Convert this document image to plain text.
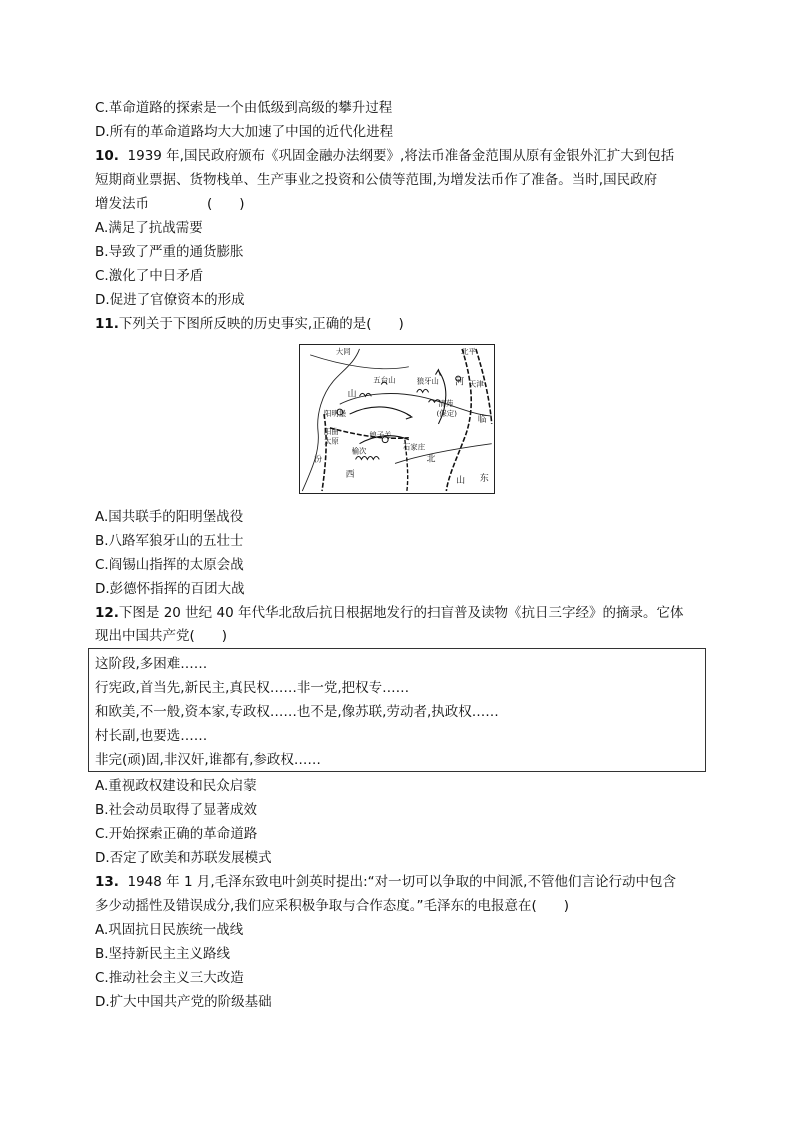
C.革命道路的探索是一个由低级到高级的攀升过程
D.所有的革命道路均大大加速了中国的近代化进程
10. 1939 年,国民政府颁布《巩固金融办法纲要》,将法币准备金范围从原有金银外汇扩大到包括
短期商业票据、货物栈单、生产事业之投资和公债等范围,为增发法币作了准备。当时,国民政府
增发法币	(　　)
A.满足了抗战需要
B.导致了严重的通货膨胀
C.激化了中日矛盾
D.促进了官僚资本的形成
11.下列关于下图所反映的历史事实,正确的是(　　)
大同	北平
五台山	狼牙山 河 天津
山
阳明堡
清苑
(保定)
临
阳曲
太原
娘子关
石家庄
北
榆次
西
山 东
汾
A.国共联手的阳明堡战役
B.八路军狼牙山的五壮士
C.阎锡山指挥的太原会战
D.彭德怀指挥的百团大战
12.下图是 20 世纪 40 年代华北敌后抗日根据地发行的扫盲普及读物《抗日三字经》的摘录。它体
现出中国共产党(　　)
这阶段,多困难……
行宪政,首当先,新民主,真民权……非一党,把权专……
和欧美,不一般,资本家,专政权……也不是,像苏联,劳动者,执政权……
村长副,也要选……
非完(顽)固,非汉奸,谁都有,参政权……
A.重视政权建设和民众启蒙
B.社会动员取得了显著成效
C.开始探索正确的革命道路
D.否定了欧美和苏联发展模式
13. 1948 年 1 月,毛泽东致电叶剑英时提出:“对一切可以争取的中间派,不管他们言论行动中包含
多少动摇性及错误成分,我们应采积极争取与合作态度。”毛泽东的电报意在(　　)
A.巩固抗日民族统一战线
B.坚持新民主主义路线
C.推动社会主义三大改造
D.扩大中国共产党的阶级基础
